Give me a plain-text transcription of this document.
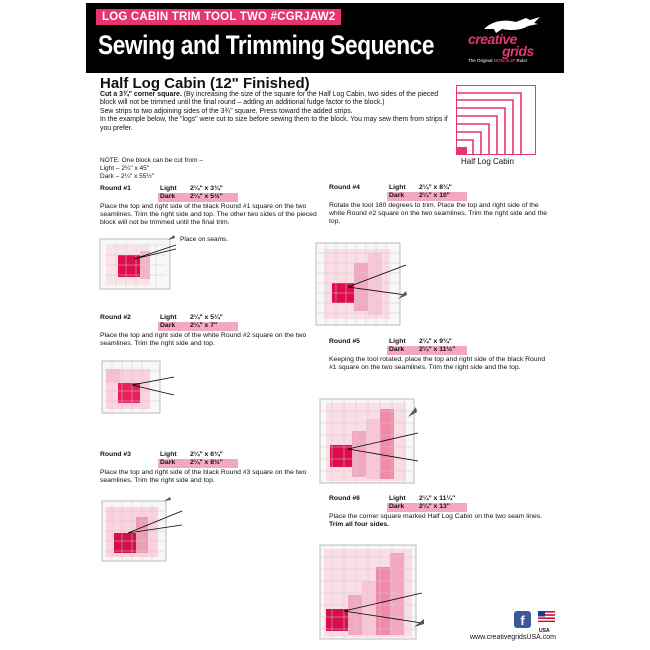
LOG CABIN TRIM TOOL TWO #CGRJAW2
Sewing and Trimming Sequence creative
grids
The Original NON-SLIP Ruler
Half Log Cabin (12" Finished)

Cut a 3¾" corner square. (By increasing the size of the square for the Half Log Cabin, two sides of the pieced block will not be trimmed until the final round – adding an additional fudge factor to the block.)

Sew strips to two adjoining sides of the 3¾" square. Press toward the added strips.

In the example below, the "logs" were cut to size before sewing them to the block. You may sew them from strips if you prefer.

NOTE: One block can be cut from –
Light – 2¼" x 45"
Dark – 2¼" x 55½"
Half Log Cabin
Round #1	Light 2¼" x 3¾"
Dark 2¼" x 5½"
Place the top and right side of the black Round #1 square on the two seamlines. Trim the right side and top. The other two sides of the pieced block will not be trimmed until the final trim.
Place on seams.
Round #2	Light 2¼" x 5¼"
Dark 2¼" x 7"
Place the top and right side of the white Round #2 square on the two seamlines. Trim the right side and top.
Round #3	Light 2¼" x 6¾"
Dark 2¼" x 8½"
Place the top and right side of the black Round #3 square on the two seamlines. Trim the right side and top.
Round #4	Light 2¼" x 8¼"
Dark 2¼" x 10"
Rotate the tool 180 degrees to trim. Place the top and right side of the white Round #2 square on the two seamlines. Trim the right side and the top.
Round #5	Light 2¼" x 9¾"
Dark 2¼" x 11½"
Keeping the tool rotated, place the top and right side of the black Round #1 square on the two seamlines. Trim the right side and the top.
Round #6	Light 2¼" x 11¼"
Dark 2¼" x 13"
Place the corner square marked Half Log Cabin on the two seam lines. Trim all four sides.
f
USA
www.creativegridsUSA.com
